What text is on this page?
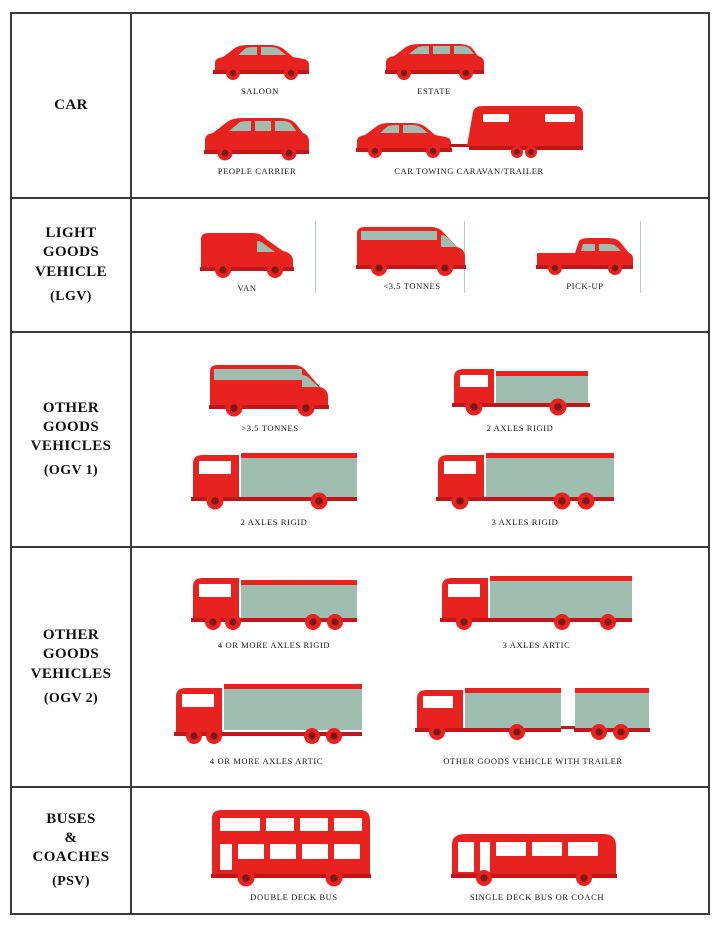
CAR
SALOON	ESTATE
PEOPLE CARRIER	CAR TOWING CARAVAN/TRAILER
LIGHT
GOODS
VEHICLE
(LGV)
VAN	<3.5 TONNES	PICK-UP
OTHER
GOODS
VEHICLES
(OGV 1)
>3.5 TONNES	2 AXLES RIGID
2 AXLES RIGID	3 AXLES RIGID
OTHER
GOODS
VEHICLES
(OGV 2)
4 OR MORE AXLES RIGID	3 AXLES ARTIC
4 OR MORE AXLES ARTIC	OTHER GOODS VEHICLE WITH TRAILER
BUSES
&
COACHES
(PSV)
DOUBLE DECK BUS	SINGLE DECK BUS OR COACH
